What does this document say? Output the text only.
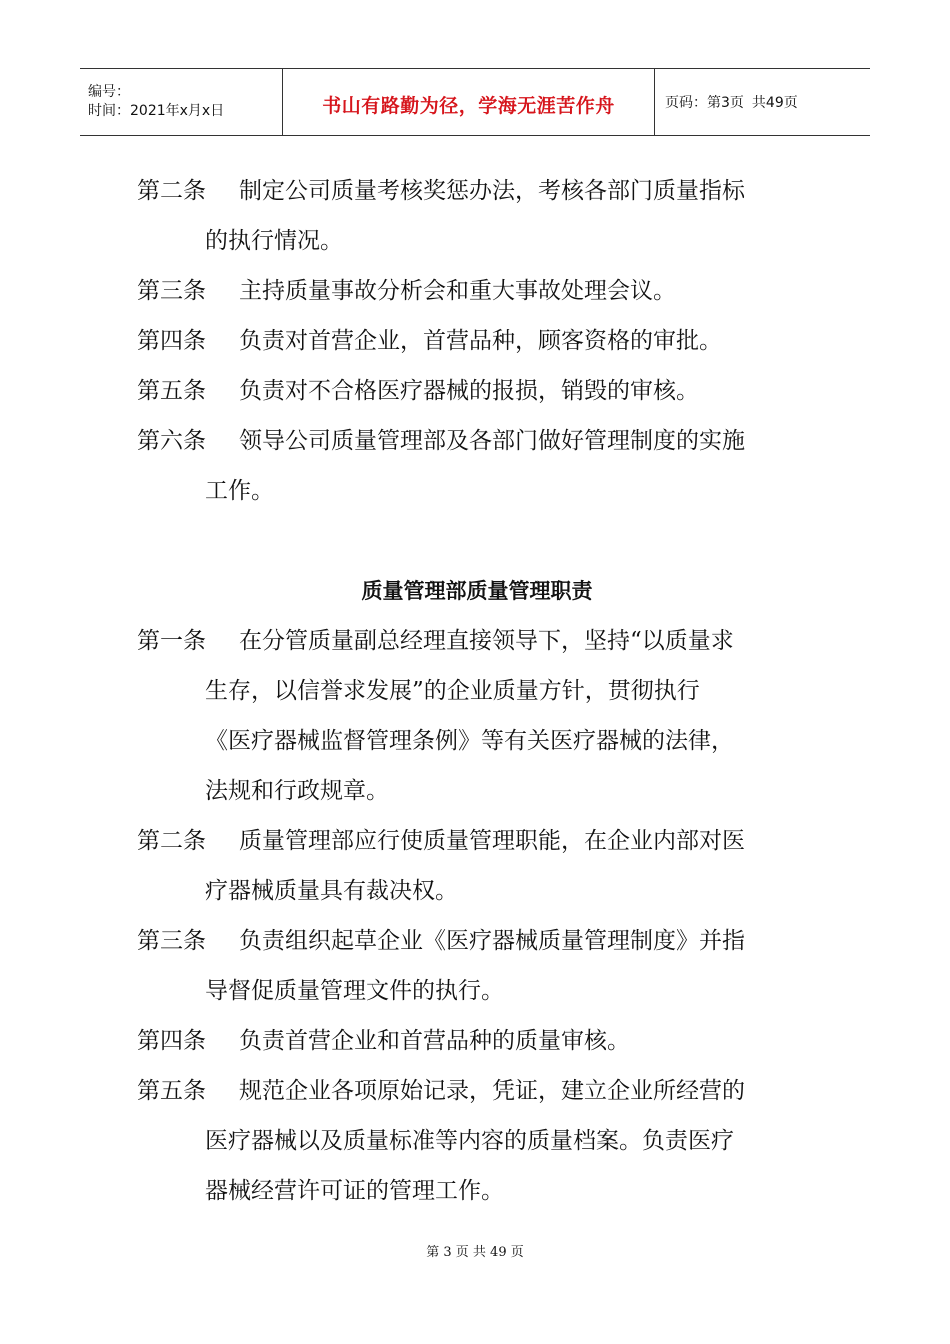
编号：
时间：2021年x月x日	书山有路勤为径，学海无涯苦作舟	页码：第3页 共49页

第二条 制定公司质量考核奖惩办法，考核各部门质量指标
的执行情况。

第三条 主持质量事故分析会和重大事故处理会议。

第四条 负责对首营企业，首营品种，顾客资格的审批。

第五条 负责对不合格医疗器械的报损，销毁的审核。

第六条 领导公司质量管理部及各部门做好管理制度的实施
工作。

质量管理部质量管理职责

第一条 在分管质量副总经理直接领导下，坚持“以质量求
生存，以信誉求发展”的企业质量方针，贯彻执行
《医疗器械监督管理条例》等有关医疗器械的法律，
法规和行政规章。

第二条 质量管理部应行使质量管理职能，在企业内部对医
疗器械质量具有裁决权。

第三条 负责组织起草企业《医疗器械质量管理制度》并指
导督促质量管理文件的执行。

第四条 负责首营企业和首营品种的质量审核。

第五条 规范企业各项原始记录，凭证，建立企业所经营的
医疗器械以及质量标准等内容的质量档案。负责医疗
器械经营许可证的管理工作。

第 3 页 共 49 页
